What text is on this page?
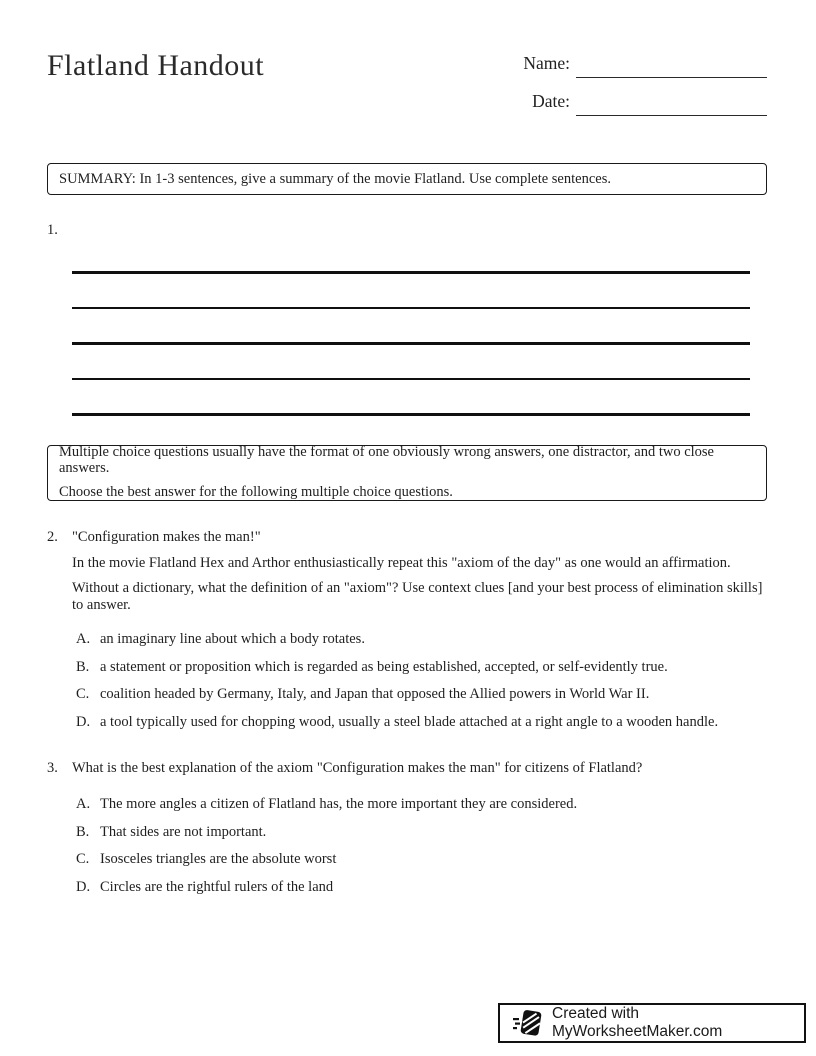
Flatland Handout	Name:
Date:
SUMMARY: In 1-3 sentences, give a summary of the movie Flatland. Use complete sentences.
1.
Multiple choice questions usually have the format of one obviously wrong answers, one distractor, and two close answers.
Choose the best answer for the following multiple choice questions.
2. "Configuration makes the man!"
In the movie Flatland Hex and Arthor enthusiastically repeat this "axiom of the day" as one would an affirmation.
Without a dictionary, what the definition of an "axiom"? Use context clues [and your best process of elimination skills] to answer.
A. an imaginary line about which a body rotates.
B. a statement or proposition which is regarded as being established, accepted, or self-evidently true.
C. coalition headed by Germany, Italy, and Japan that opposed the Allied powers in World War II.
D. a tool typically used for chopping wood, usually a steel blade attached at a right angle to a wooden handle.
3. What is the best explanation of the axiom "Configuration makes the man" for citizens of Flatland?
A. The more angles a citizen of Flatland has, the more important they are considered.
B. That sides are not important.
C. Isosceles triangles are the absolute worst
D. Circles are the rightful rulers of the land
Created with MyWorksheetMaker.com
